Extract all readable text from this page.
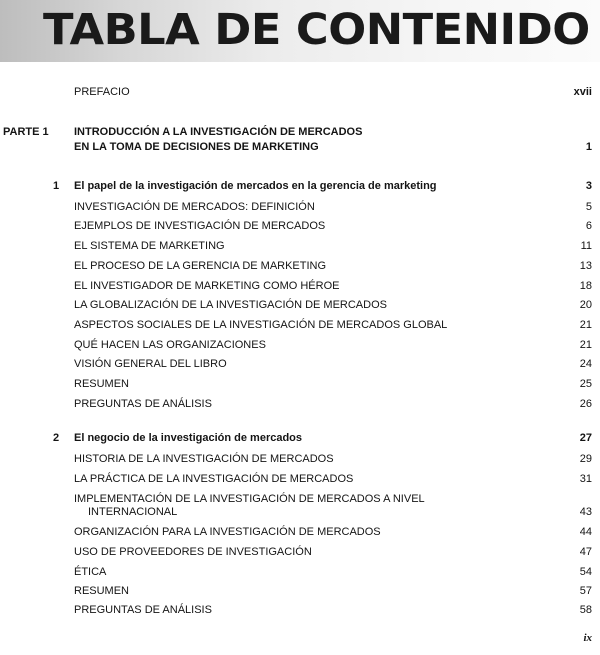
TABLA DE CONTENIDO
PREFACIO	xvii
PARTE 1 INTRODUCCIÓN A LA INVESTIGACIÓN DE MERCADOS
EN LA TOMA DE DECISIONES DE MARKETING	1
1 El papel de la investigación de mercados en la gerencia de marketing	3
INVESTIGACIÓN DE MERCADOS: DEFINICIÓN	5
EJEMPLOS DE INVESTIGACIÓN DE MERCADOS	6
EL SISTEMA DE MARKETING	11
EL PROCESO DE LA GERENCIA DE MARKETING	13
EL INVESTIGADOR DE MARKETING COMO HÉROE	18
LA GLOBALIZACIÓN DE LA INVESTIGACIÓN DE MERCADOS	20
ASPECTOS SOCIALES DE LA INVESTIGACIÓN DE MERCADOS GLOBAL	21
QUÉ HACEN LAS ORGANIZACIONES	21
VISIÓN GENERAL DEL LIBRO	24
RESUMEN	25
PREGUNTAS DE ANÁLISIS	26
2 El negocio de la investigación de mercados	27
HISTORIA DE LA INVESTIGACIÓN DE MERCADOS	29
LA PRÁCTICA DE LA INVESTIGACIÓN DE MERCADOS	31
IMPLEMENTACIÓN DE LA INVESTIGACIÓN DE MERCADOS A NIVEL
INTERNACIONAL	43
ORGANIZACIÓN PARA LA INVESTIGACIÓN DE MERCADOS	44
USO DE PROVEEDORES DE INVESTIGACIÓN	47
ÉTICA	54
RESUMEN	57
PREGUNTAS DE ANÁLISIS	58
ix
